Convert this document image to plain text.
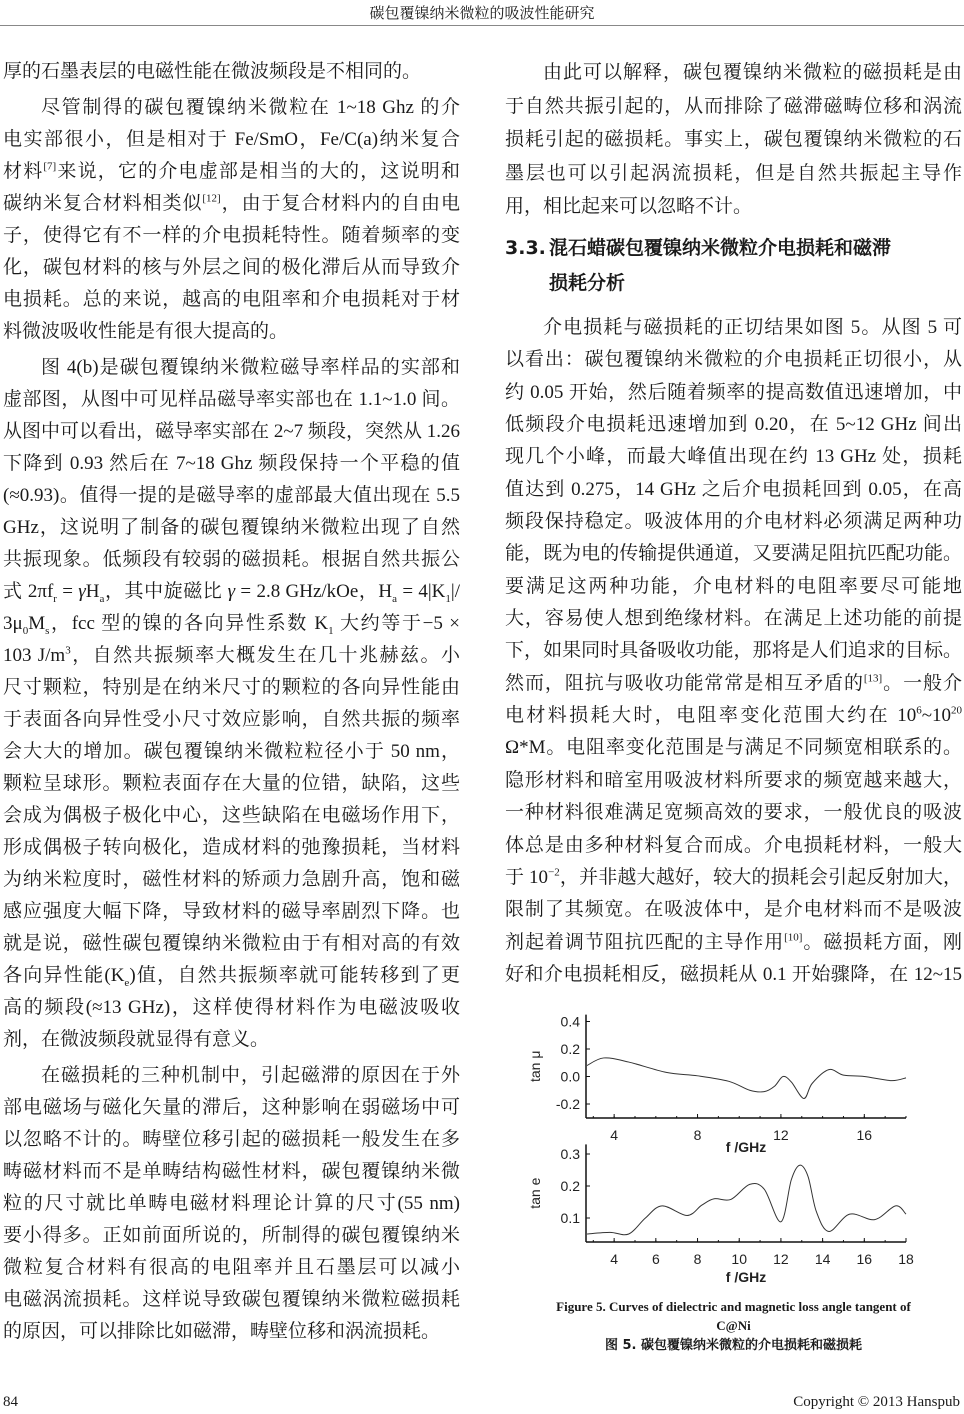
碳包覆镍纳米微粒的吸波性能研究
厚的石墨表层的电磁性能在微波频段是不相同的。
尽管制得的碳包覆镍纳米微粒在 1~18 Ghz 的介
电实部很小，但是相对于 Fe/SmO，Fe/C(a)纳米复合
材料[7]来说，它的介电虚部是相当的大的，这说明和
碳纳米复合材料相类似[12]，由于复合材料内的自由电
子，使得它有不一样的介电损耗特性。随着频率的变
化，碳包材料的核与外层之间的极化滞后从而导致介
电损耗。总的来说，越高的电阻率和介电损耗对于材
料微波吸收性能是有很大提高的。
图 4(b)是碳包覆镍纳米微粒磁导率样品的实部和
虚部图，从图中可见样品磁导率实部也在 1.1~1.0 间。
从图中可以看出，磁导率实部在 2~7 频段，突然从 1.26
下降到 0.93 然后在 7~18 Ghz 频段保持一个平稳的值
(≈0.93)。值得一提的是磁导率的虚部最大值出现在 5.5
GHz，这说明了制备的碳包覆镍纳米微粒出现了自然
共振现象。低频段有较弱的磁损耗。根据自然共振公
式 $2\pi f_r = \gamma H_a$，其中旋磁比 γ = 2.8 GHz/kOe，$H_a = 4|K_1|/$
$3\mu_0M_s$，fcc 型的镍的各向异性系数 $K_1$ 大约等于−5 ×
103 $J/m^3$，自然共振频率大概发生在几十兆赫兹。小
尺寸颗粒，特别是在纳米尺寸的颗粒的各向异性能由
于表面各向异性受小尺寸效应影响，自然共振的频率
会大大的增加。碳包覆镍纳米微粒粒径小于 50 nm，
颗粒呈球形。颗粒表面存在大量的位错，缺陷，这些
会成为偶极子极化中心，这些缺陷在电磁场作用下，
形成偶极子转向极化，造成材料的弛豫损耗，当材料
为纳米粒度时，磁性材料的矫顽力急剧升高，饱和磁
感应强度大幅下降，导致材料的磁导率剧烈下降。也
就是说，磁性碳包覆镍纳米微粒由于有相对高的有效
各向异性能$(K_e)$值，自然共振频率就可能转移到了更
高的频段(≈13 GHz)，这样使得材料作为电磁波吸收
剂，在微波频段就显得有意义。
在磁损耗的三种机制中，引起磁滞的原因在于外
部电磁场与磁化矢量的滞后，这种影响在弱磁场中可
以忽略不计的。畴壁位移引起的磁损耗一般发生在多
畴磁材料而不是单畴结构磁性材料，碳包覆镍纳米微
粒的尺寸就比单畴电磁材料理论计算的尺寸(55 nm)
要小得多。正如前面所说的，所制得的碳包覆镍纳米
微粒复合材料有很高的电阻率并且石墨层可以减小
电磁涡流损耗。这样说导致碳包覆镍纳米微粒磁损耗
的原因，可以排除比如磁滞，畴壁位移和涡流损耗。
由此可以解释，碳包覆镍纳米微粒的磁损耗是由
于自然共振引起的，从而排除了磁滞磁畴位移和涡流
损耗引起的磁损耗。事实上，碳包覆镍纳米微粒的石
墨层也可以引起涡流损耗，但是自然共振起主导作
用，相比起来可以忽略不计。
3.3. 混石蜡碳包覆镍纳米微粒介电损耗和磁滞
损耗分析
介电损耗与磁损耗的正切结果如图 5。从图 5 可
以看出：碳包覆镍纳米微粒的介电损耗正切很小，从
约 0.05 开始，然后随着频率的提高数值迅速增加，中
低频段介电损耗迅速增加到 0.20，在 5~12 GHz 间出
现几个小峰，而最大峰值出现在约 13 GHz 处，损耗
值达到 0.275，14 GHz 之后介电损耗回到 0.05，在高
频段保持稳定。吸波体用的介电材料必须满足两种功
能，既为电的传输提供通道，又要满足阻抗匹配功能。
要满足这两种功能，介电材料的电阻率要尽可能地
大，容易使人想到绝缘材料。在满足上述功能的前提
下，如果同时具备吸收功能，那将是人们追求的目标。
然而，阻抗与吸收功能常常是相互矛盾的[13]。一般介
电材料损耗大时，电阻率变化范围大约在 $10^6\sim 10^{20}$
Ω*M。电阻率变化范围是与满足不同频宽相联系的。
隐形材料和暗室用吸波材料所要求的频宽越来越大，
一种材料很难满足宽频高效的要求，一般优良的吸波
体总是由多种材料复合而成。介电损耗材料，一般大
于 $10^{-2}$，并非越大越好，较大的损耗会引起反射加大，
限制了其频宽。在吸波体中，是介电材料而不是吸波
剂起着调节阻抗匹配的主导作用[10]。磁损耗方面，刚
好和介电损耗相反，磁损耗从 0.1 开始骤降，在 12~15
4	8	12	16
-0.2
0.0
0.2
0.4
f /GHz
tan μ
4 6 8 10 12 14 16 18
0.1
0.2
0.3
f /GHz
tan e
Figure 5. Curves of dielectric and magnetic loss angle tangent of
C@Ni
图 5. 碳包覆镍纳米微粒的介电损耗和磁损耗
84	Copyright © 2013 Hanspub
